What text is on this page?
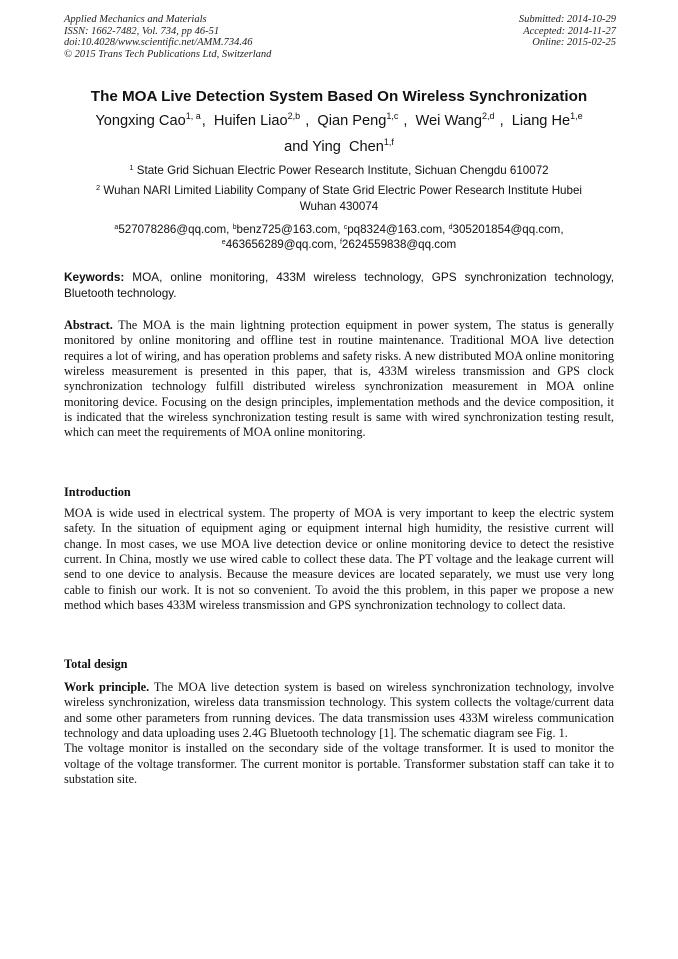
Applied Mechanics and Materials
ISSN: 1662-7482, Vol. 734, pp 46-51
doi:10.4028/www.scientific.net/AMM.734.46
© 2015 Trans Tech Publications Ltd, Switzerland
Submitted: 2014-10-29
Accepted: 2014-11-27
Online: 2015-02-25
The MOA Live Detection System Based On Wireless Synchronization
Yongxing Cao$^{1, a}$, Huifen Liao$^{2,b}$ , Qian Peng$^{1,c}$ , Wei Wang$^{2,d}$ , Liang He$^{1,e}$
and Ying  Chen$^{1,f}$
$^1$ State Grid Sichuan Electric Power Research Institute, Sichuan Chengdu 610072
$^2$ Wuhan NARI Limited Liability Company of State Grid Electric Power Research Institute Hubei
Wuhan 430074
$^a$527078286@qq.com, $^b$benz725@163.com, $^c$pq8324@163.com, $^d$305201854@qq.com,
$^e$463656289@qq.com, $^f$2624559838@qq.com
Keywords: MOA, online monitoring, 433M wireless technology, GPS synchronization technology, Bluetooth technology.
Abstract. The MOA is the main lightning protection equipment in power system, The status is generally monitored by online monitoring and offline test in routine maintenance. Traditional MOA live detection requires a lot of wiring, and has operation problems and safety risks. A new distributed MOA online monitoring wireless measurement is presented in this paper, that is, 433M wireless transmission and GPS clock synchronization technology fulfill distributed wireless synchronization measurement in MOA online monitoring device. Focusing on the design principles, implementation methods and the device composition, it is indicated that the wireless synchronization testing result is same with wired synchronization testing result, which can meet the requirements of MOA online monitoring.
Introduction
MOA is wide used in electrical system. The property of MOA is very important to keep the electric system safety. In the situation of equipment aging or equipment internal high humidity, the resistive current will change. In most cases, we use MOA live detection device or online monitoring device to detect the resistive current. In China, mostly we use wired cable to collect these data. The PT voltage and the leakage current will send to one device to analysis. Because the measure devices are located separately, we must use very long cable to finish our work. It is not so convenient. To avoid the this problem, in this paper we propose a new method which bases 433M wireless transmission and GPS synchronization technology to collect data.
Total design
Work principle. The MOA live detection system is based on wireless synchronization technology, involve wireless synchronization, wireless data transmission technology. This system collects the voltage/current data and some other parameters from running devices. The data transmission uses 433M wireless communication technology and data uploading uses 2.4G Bluetooth technology [1]. The schematic diagram see Fig. 1.
The voltage monitor is installed on the secondary side of the voltage transformer. It is used to monitor the voltage of the voltage transformer. The current monitor is portable. Transformer substation staff can take it to substation site.
